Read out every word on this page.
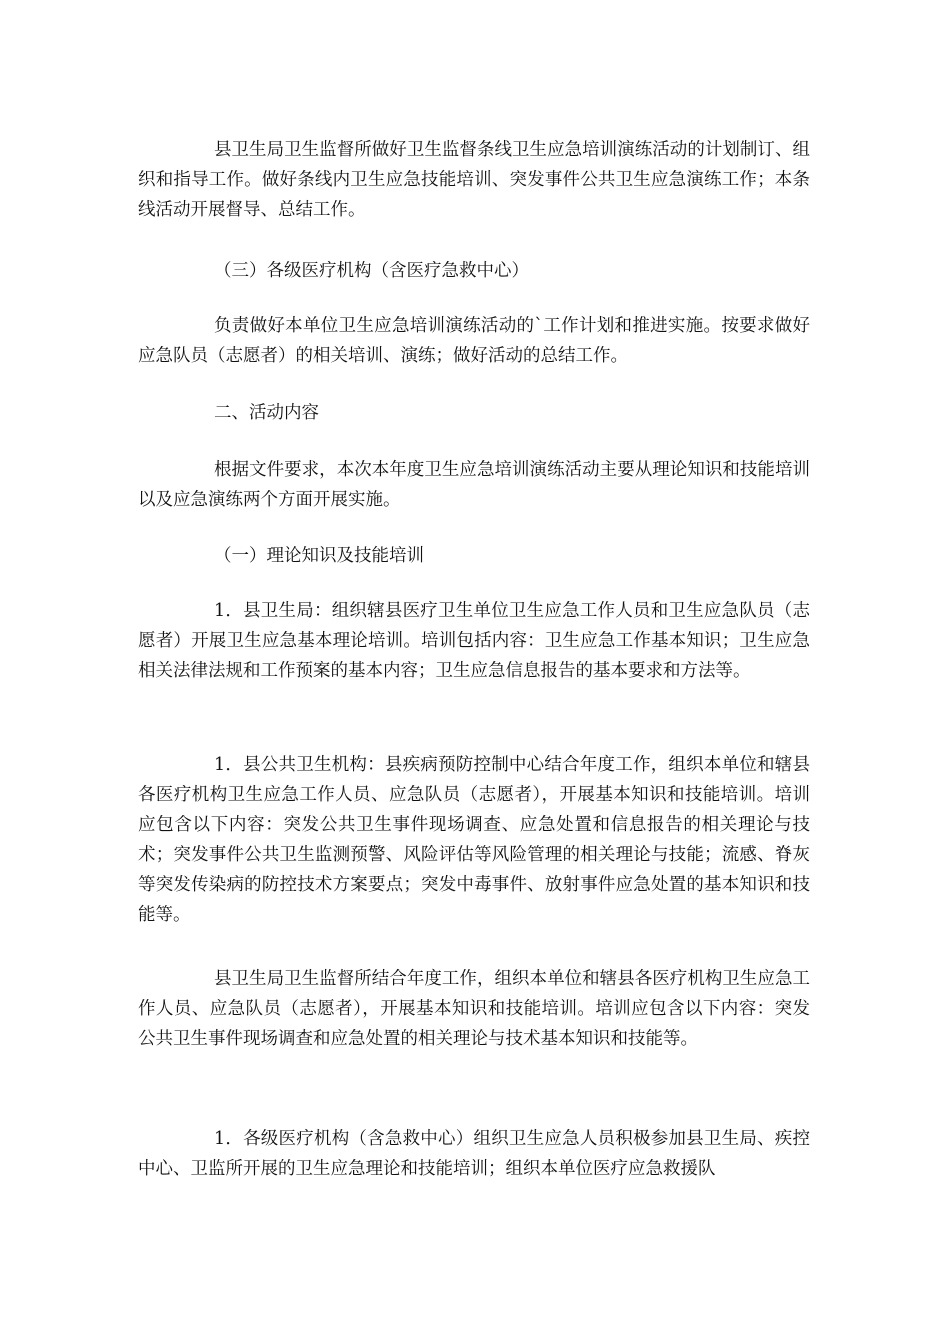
县卫生局卫生监督所做好卫生监督条线卫生应急培训演练活动的计划制订、组织和指导工作。做好条线内卫生应急技能培训、突发事件公共卫生应急演练工作；本条线活动开展督导、总结工作。

（三）各级医疗机构（含医疗急救中心）

负责做好本单位卫生应急培训演练活动的`工作计划和推进实施。按要求做好应急队员（志愿者）的相关培训、演练；做好活动的总结工作。

二、活动内容

根据文件要求，本次本年度卫生应急培训演练活动主要从理论知识和技能培训以及应急演练两个方面开展实施。

（一）理论知识及技能培训

1．县卫生局：组织辖县医疗卫生单位卫生应急工作人员和卫生应急队员（志愿者）开展卫生应急基本理论培训。培训包括内容：卫生应急工作基本知识；卫生应急相关法律法规和工作预案的基本内容；卫生应急信息报告的基本要求和方法等。

1．县公共卫生机构：县疾病预防控制中心结合年度工作，组织本单位和辖县各医疗机构卫生应急工作人员、应急队员（志愿者），开展基本知识和技能培训。培训应包含以下内容：突发公共卫生事件现场调查、应急处置和信息报告的相关理论与技术；突发事件公共卫生监测预警、风险评估等风险管理的相关理论与技能；流感、脊灰等突发传染病的防控技术方案要点；突发中毒事件、放射事件应急处置的基本知识和技能等。

县卫生局卫生监督所结合年度工作，组织本单位和辖县各医疗机构卫生应急工作人员、应急队员（志愿者），开展基本知识和技能培训。培训应包含以下内容：突发公共卫生事件现场调查和应急处置的相关理论与技术基本知识和技能等。

1．各级医疗机构（含急救中心）组织卫生应急人员积极参加县卫生局、疾控中心、卫监所开展的卫生应急理论和技能培训；组织本单位医疗应急救援队
